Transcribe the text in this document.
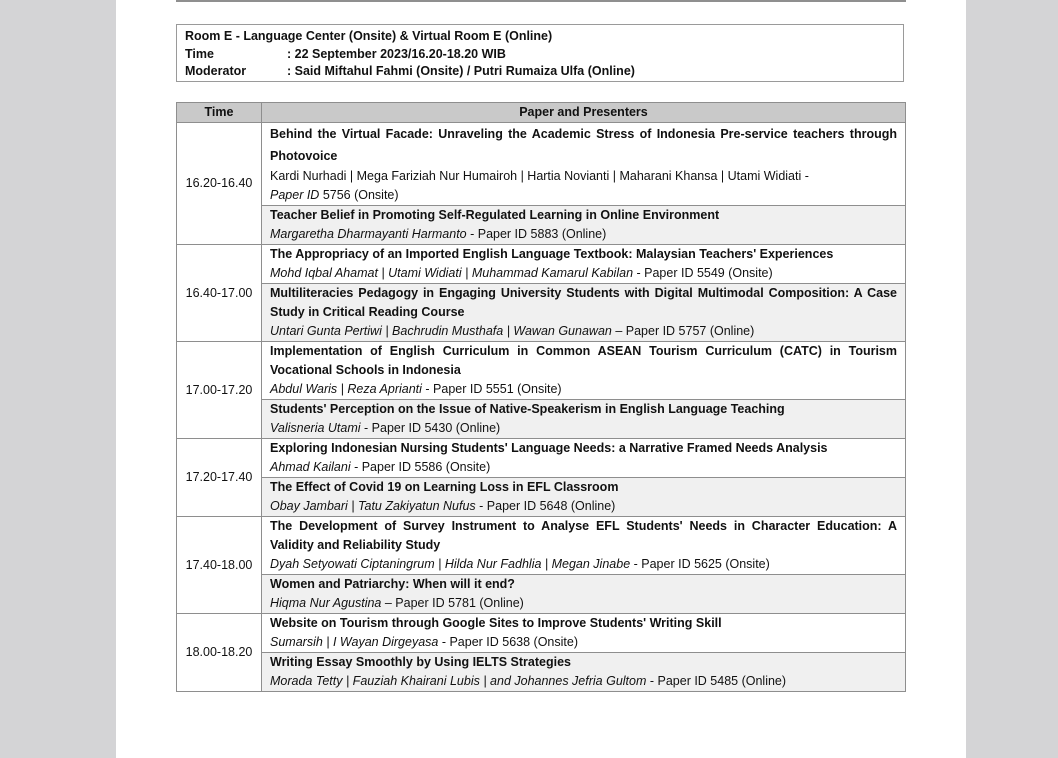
Room E - Language Center (Onsite) & Virtual Room E (Online)
Time	: 22 September 2023/16.20-18.20 WIB
Moderator	: Said Miftahul Fahmi (Onsite) / Putri Rumaiza Ulfa (Online)
Time	Paper and Presenters
16.20-16.40	Behind the Virtual Facade: Unraveling the Academic Stress of Indonesia Pre-service teachers through Photovoice
Kardi Nurhadi | Mega Fariziah Nur Humairoh | Hartia Novianti | Maharani Khansa | Utami Widiati -
Paper ID 5756 (Onsite)

	Teacher Belief in Promoting Self-Regulated Learning in Online Environment
Margaretha Dharmayanti Harmanto - Paper ID 5883 (Online)

16.40-17.00	The Appropriacy of an Imported English Language Textbook: Malaysian Teachers' Experiences
Mohd Iqbal Ahamat | Utami Widiati | Muhammad Kamarul Kabilan - Paper ID 5549 (Onsite)

	Multiliteracies Pedagogy in Engaging University Students with Digital Multimodal Composition: A Case Study in Critical Reading Course
Untari Gunta Pertiwi | Bachrudin Musthafa | Wawan Gunawan – Paper ID 5757 (Online)

17.00-17.20	Implementation of English Curriculum in Common ASEAN Tourism Curriculum (CATC) in Tourism Vocational Schools in Indonesia
Abdul Waris | Reza Aprianti - Paper ID 5551 (Onsite)

	Students' Perception on the Issue of Native-Speakerism in English Language Teaching
Valisneria Utami - Paper ID 5430 (Online)

17.20-17.40	Exploring Indonesian Nursing Students' Language Needs: a Narrative Framed Needs Analysis
Ahmad Kailani - Paper ID 5586 (Onsite)

	The Effect of Covid 19 on Learning Loss in EFL Classroom
Obay Jambari | Tatu Zakiyatun Nufus - Paper ID 5648 (Online)

17.40-18.00	The Development of Survey Instrument to Analyse EFL Students' Needs in Character Education: A Validity and Reliability Study
Dyah Setyowati Ciptaningrum | Hilda Nur Fadhlia | Megan Jinabe - Paper ID 5625 (Onsite)

	Women and Patriarchy: When will it end?
Hiqma Nur Agustina – Paper ID 5781 (Online)

18.00-18.20	Website on Tourism through Google Sites to Improve Students' Writing Skill
Sumarsih | I Wayan Dirgeyasa - Paper ID 5638 (Onsite)

	Writing Essay Smoothly by Using IELTS Strategies
Morada Tetty | Fauziah Khairani Lubis | and Johannes Jefria Gultom - Paper ID 5485 (Online)
